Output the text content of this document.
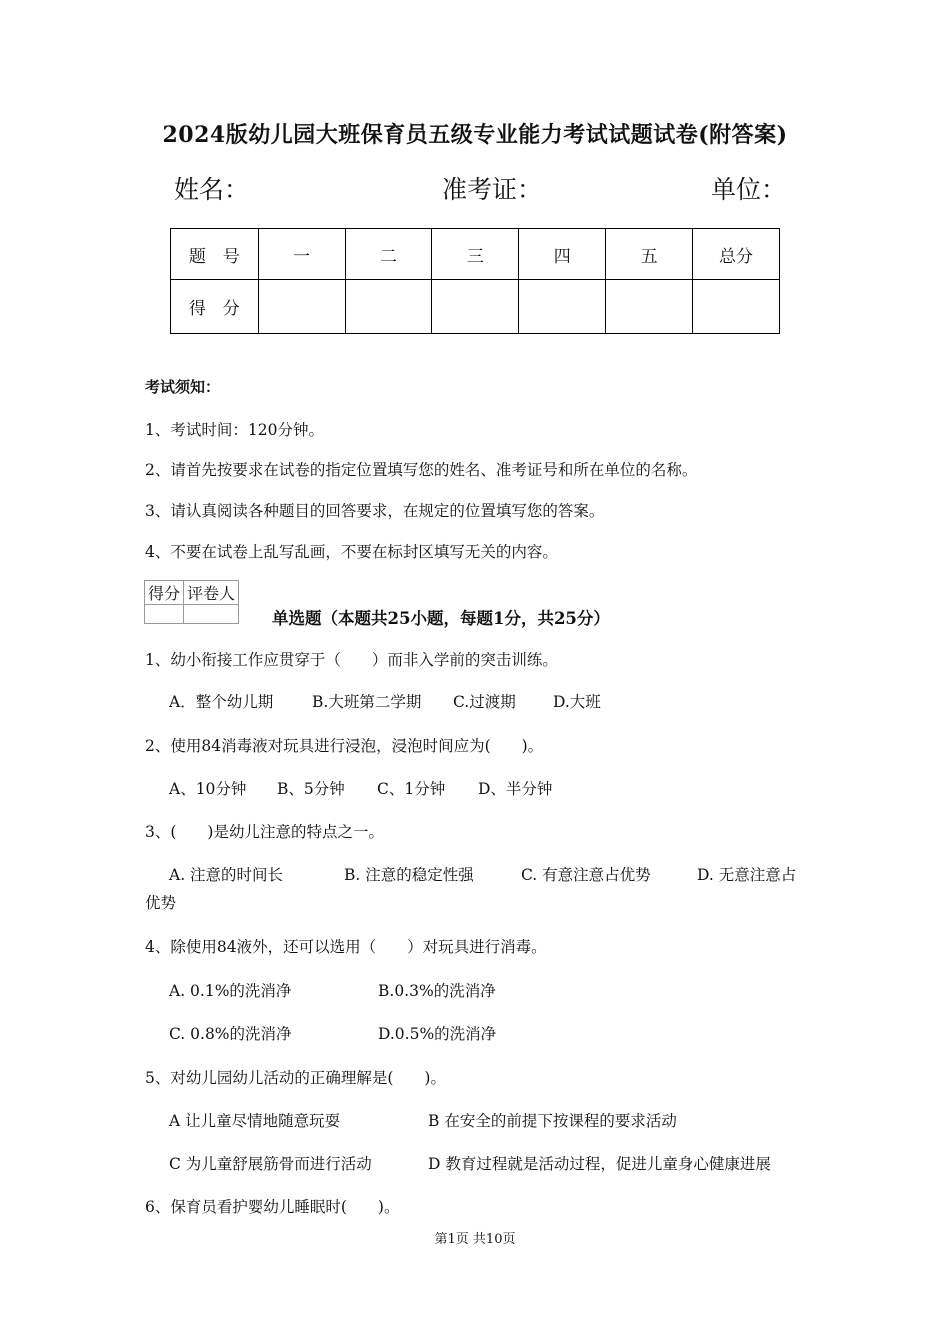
2024版幼儿园大班保育员五级专业能力考试试题试卷(附答案)
姓名：	准考证：	单位：
题　号	一	二	三	四	五	总分
得　分						
考试须知：
1、考试时间：120分钟。
2、请首先按要求在试卷的指定位置填写您的姓名、准考证号和所在单位的名称。
3、请认真阅读各种题目的回答要求，在规定的位置填写您的答案。
4、不要在试卷上乱写乱画，不要在标封区填写无关的内容。
得分	评卷人

单选题（本题共25小题，每题1分，共25分）
1、幼小衔接工作应贯穿于（　　）而非入学前的突击训练。
A．整个幼儿期	B.大班第二学期 C.过渡期 D.大班
2、使用84消毒液对玩具进行浸泡，浸泡时间应为(　　)。
A、10分钟 B、5分钟 C、1分钟 D、半分钟
3、(　　)是幼儿注意的特点之一。
A. 注意的时间长	B. 注意的稳定性强	C. 有意注意占优势	D. 无意注意占
优势
4、除使用84液外，还可以选用（　　）对玩具进行消毒。
A. 0.1%的洗消净	B.0.3%的洗消净
C. 0.8%的洗消净	D.0.5%的洗消净
5、对幼儿园幼儿活动的正确理解是(　　)。
A 让儿童尽情地随意玩耍	B 在安全的前提下按课程的要求活动
C 为儿童舒展筋骨而进行活动	D 教育过程就是活动过程，促进儿童身心健康进展
6、保育员看护婴幼儿睡眠时(　　)。
第1页 共10页
